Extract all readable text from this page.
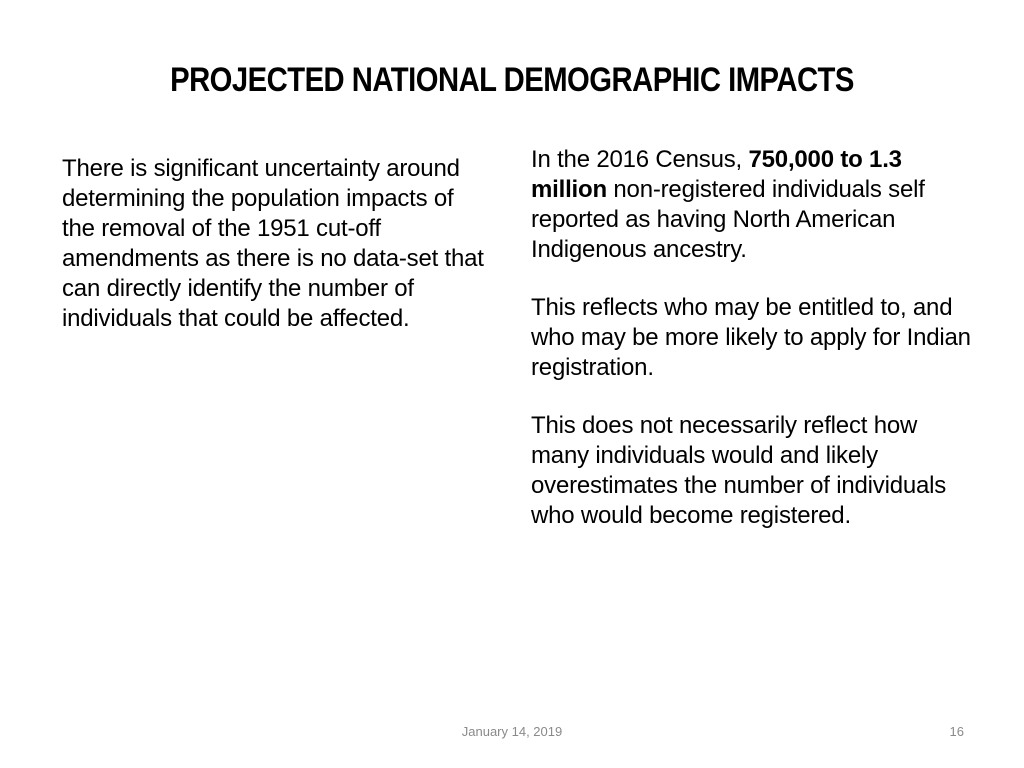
PROJECTED NATIONAL DEMOGRAPHIC IMPACTS

There is significant uncertainty around determining the population impacts of the removal of the 1951 cut-off amendments as there is no data-set that can directly identify the number of individuals that could be affected.

In the 2016 Census, 750,000 to 1.3 million non-registered individuals self reported as having North American Indigenous ancestry.

This reflects who may be entitled to, and who may be more likely to apply for Indian registration.

This does not necessarily reflect how many individuals would and likely overestimates the number of individuals who would become registered.

January 14, 2019	16
